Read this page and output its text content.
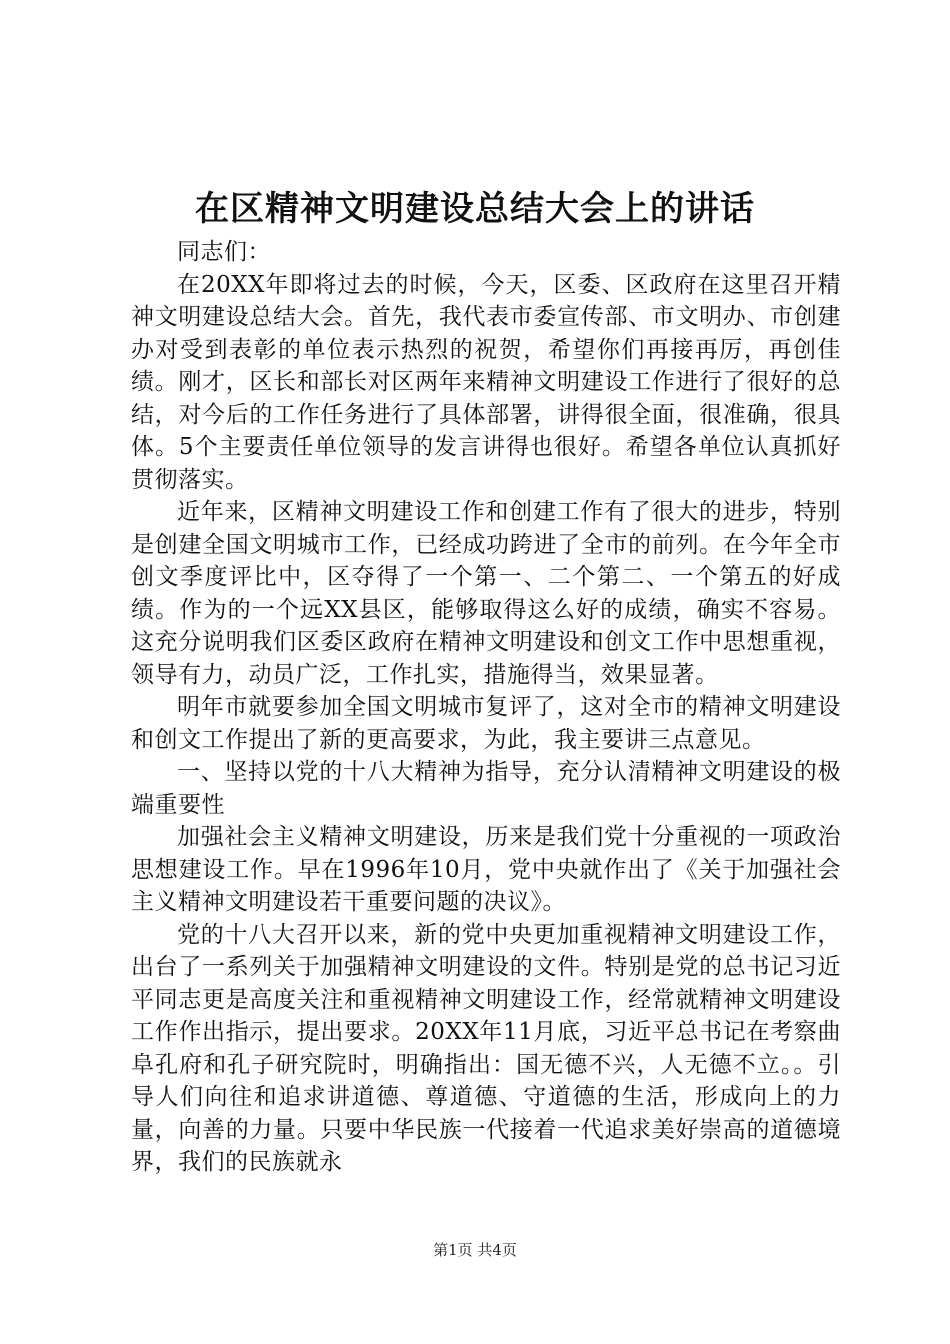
在区精神文明建设总结大会上的讲话

同志们：

在20XX年即将过去的时候，今天，区委、区政府在这里召开精神文明建设总结大会。首先，我代表市委宣传部、市文明办、市创建办对受到表彰的单位表示热烈的祝贺，希望你们再接再厉，再创佳绩。刚才，区长和部长对区两年来精神文明建设工作进行了很好的总结，对今后的工作任务进行了具体部署，讲得很全面，很准确，很具体。5个主要责任单位领导的发言讲得也很好。希望各单位认真抓好贯彻落实。

近年来，区精神文明建设工作和创建工作有了很大的进步，特别是创建全国文明城市工作，已经成功跨进了全市的前列。在今年全市创文季度评比中，区夺得了一个第一、二个第二、一个第五的好成绩。作为的一个远XX县区，能够取得这么好的成绩，确实不容易。这充分说明我们区委区政府在精神文明建设和创文工作中思想重视，领导有力，动员广泛，工作扎实，措施得当，效果显著。

明年市就要参加全国文明城市复评了，这对全市的精神文明建设和创文工作提出了新的更高要求，为此，我主要讲三点意见。

一、坚持以党的十八大精神为指导，充分认清精神文明建设的极端重要性

加强社会主义精神文明建设，历来是我们党十分重视的一项政治思想建设工作。早在1996年10月，党中央就作出了《关于加强社会主义精神文明建设若干重要问题的决议》。

党的十八大召开以来，新的党中央更加重视精神文明建设工作，出台了一系列关于加强精神文明建设的文件。特别是党的总书记习近平同志更是高度关注和重视精神文明建设工作，经常就精神文明建设工作作出指示，提出要求。20XX年11月底，习近平总书记在考察曲阜孔府和孔子研究院时，明确指出：国无德不兴，人无德不立。。引导人们向往和追求讲道德、尊道德、守道德的生活，形成向上的力量，向善的力量。只要中华民族一代接着一代追求美好崇高的道德境界，我们的民族就永

第1页 共4页
